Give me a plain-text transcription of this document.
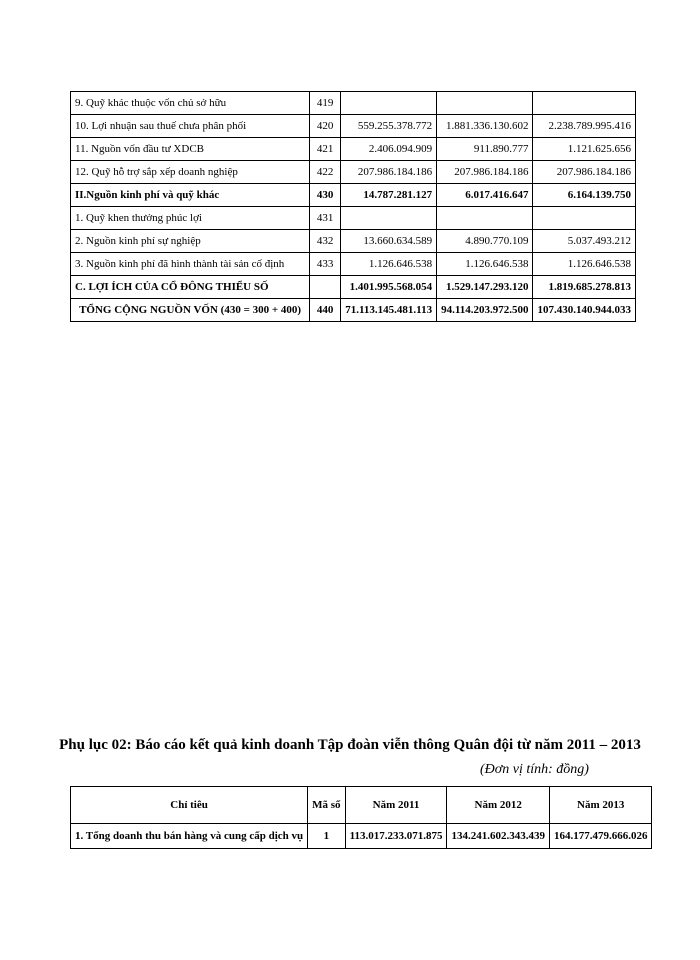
9. Quỹ khác thuộc vốn chủ sở hữu	419			
10. Lợi nhuận sau thuế chưa phân phối	420	559.255.378.772	1.881.336.130.602	2.238.789.995.416
11. Nguồn vốn đầu tư XDCB	421	2.406.094.909	911.890.777	1.121.625.656
12. Quỹ hỗ trợ sắp xếp doanh nghiệp	422	207.986.184.186	207.986.184.186	207.986.184.186
II.Nguồn kinh phí và quỹ khác	430	14.787.281.127	6.017.416.647	6.164.139.750
1. Quỹ khen thưởng phúc lợi	431			
2. Nguồn kinh phí sự nghiệp	432	13.660.634.589	4.890.770.109	5.037.493.212
3. Nguồn kinh phí đã hình thành tài sản cố định	433	1.126.646.538	1.126.646.538	1.126.646.538
C. LỢI ÍCH CỦA CỔ ĐÔNG THIỂU SỐ		1.401.995.568.054	1.529.147.293.120	1.819.685.278.813
TỔNG CỘNG NGUỒN VỐN (430 = 300 + 400)	440	71.113.145.481.113	94.114.203.972.500	107.430.140.944.033
Phụ lục 02: Báo cáo kết quả kinh doanh Tập đoàn viễn thông Quân đội từ năm 2011 – 2013
(Đơn vị tính: đồng)
Chỉ tiêu	Mã số	Năm 2011	Năm 2012	Năm 2013
1. Tổng doanh thu bán hàng và cung cấp dịch vụ	1	113.017.233.071.875	134.241.602.343.439	164.177.479.666.026
